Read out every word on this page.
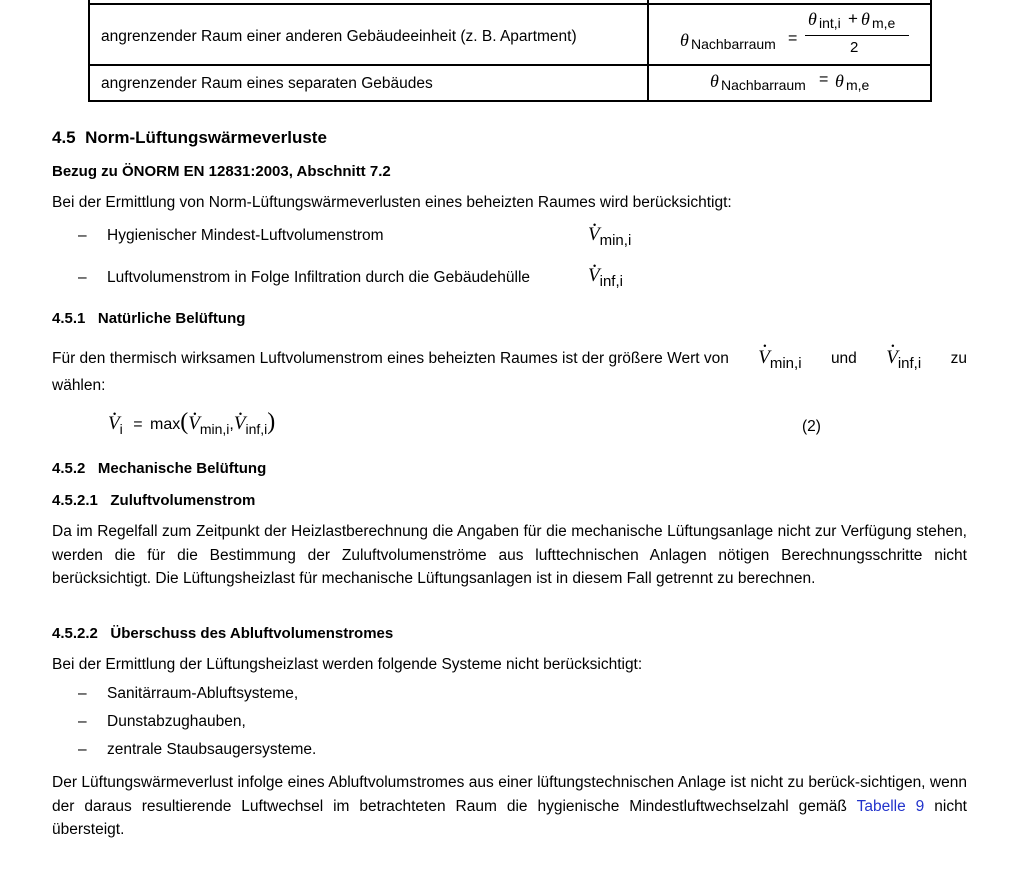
angrenzender Raum einer anderen Gebäudeeinheit (z. B. Apartment)	θ Nachbarraum =
θ int,i + θ m,e
2
angrenzender Raum eines separaten Gebäudes	θ Nachbarraum = θ m,e
4.5 Norm-Lüftungswärmeverluste
Bezug zu ÖNORM EN 12831:2003, Abschnitt 7.2
Bei der Ermittlung von Norm-Lüftungswärmeverlusten eines beheizten Raumes wird berücksichtigt:
– Hygienischer Mindest-Luftvolumenstrom	· Vmin,i
– Luftvolumenstrom in Folge Infiltration durch die Gebäudehülle	· Vinf,i
4.5.1 Natürliche Belüftung
Für den thermisch wirksamen Luftvolumenstrom eines beheizten Raumes ist der größere Wert von · Vmin,i und · Vinf,i zu
wählen:
· Vi = max(· Vmin,i,· Vinf,i)	(2)
4.5.2 Mechanische Belüftung
4.5.2.1 Zuluftvolumenstrom
Da im Regelfall zum Zeitpunkt der Heizlastberechnung die Angaben für die mechanische Lüftungsanlage nicht zur Verfügung stehen, werden die für die Bestimmung der Zuluftvolumenströme aus lufttechnischen Anlagen nötigen Berechnungsschritte nicht berücksichtigt. Die Lüftungsheizlast für mechanische Lüftungsanlagen ist in diesem Fall getrennt zu berechnen.
4.5.2.2 Überschuss des Abluftvolumenstromes
Bei der Ermittlung der Lüftungsheizlast werden folgende Systeme nicht berücksichtigt:
– Sanitärraum-Abluftsysteme,
– Dunstabzughauben,
– zentrale Staubsaugersysteme.
Der Lüftungswärmeverlust infolge eines Abluftvolumstromes aus einer lüftungstechnischen Anlage ist nicht zu berück-sichtigen, wenn der daraus resultierende Luftwechsel im betrachteten Raum die hygienische Mindestluftwechselzahl gemäß Tabelle 9 nicht übersteigt.
